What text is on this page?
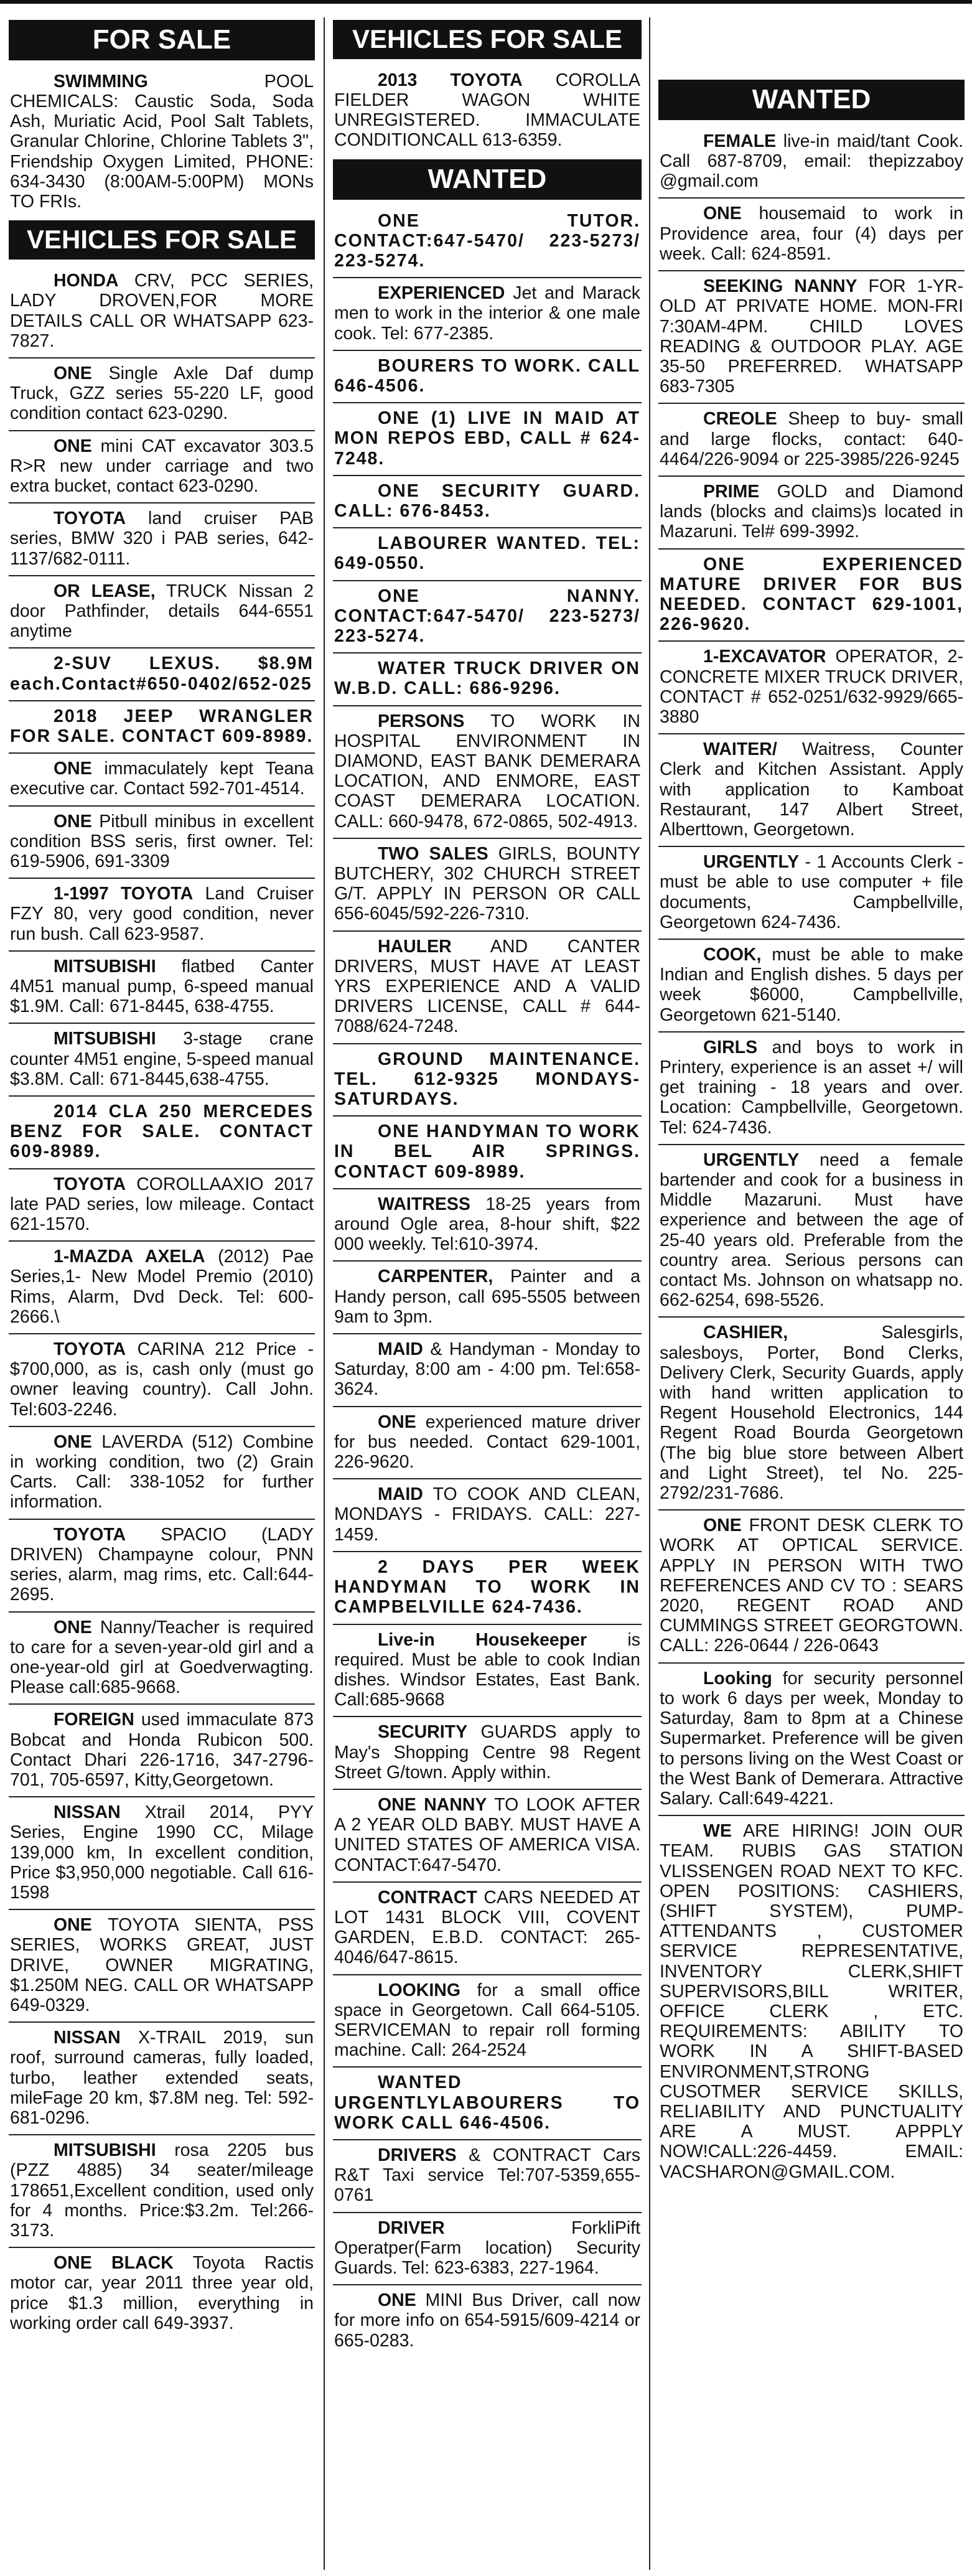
FOR SALE
SWIMMING	POOL CHEMICALS: Caustic Soda, Soda Ash, Muriatic Acid, Pool Salt Tablets, Granular Chlorine, Chlorine Tablets 3", Friendship Oxygen Limited, PHONE: 634-3430 (8:00AM-5:00PM) MONs TO FRIs.
VEHICLES FOR SALE
HONDA CRV, PCC SERIES, LADY DROVEN,FOR MORE DETAILS CALL OR WHATSAPP 623-7827.
ONE Single Axle Daf dump Truck, GZZ series 55-220 LF, good condition contact 623-0290.
ONE mini CAT excavator 303.5 R>R new under carriage and two extra bucket, contact 623-0290.
TOYOTA land cruiser PAB series, BMW 320 i PAB series, 642-1137/682-0111.
OR LEASE, TRUCK Nissan 2 door Pathfinder, details 644-6551 anytime
2-SUV LEXUS. $8.9M each.Contact#650-0402/652-025
2018 JEEP WRANGLER FOR SALE. CONTACT 609-8989.
ONE immaculately kept Teana executive car. Contact 592-701-4514.
ONE Pitbull minibus in excellent condition BSS seris, first owner. Tel: 619-5906, 691-3309
1-1997 TOYOTA Land Cruiser FZY 80, very good condition, never run bush. Call 623-9587.
MITSUBISHI flatbed Canter 4M51 manual pump, 6-speed manual $1.9M. Call: 671-8445, 638-4755.
MITSUBISHI 3-stage crane counter 4M51 engine, 5-speed manual $3.8M. Call: 671-8445,638-4755.
2014 CLA 250 MERCEDES BENZ FOR SALE. CONTACT 609-8989.
TOYOTA COROLLAAXIO 2017 late PAD series, low mileage. Contact 621-1570.
1-MAZDA AXELA (2012) Pae Series,1- New Model Premio (2010) Rims, Alarm, Dvd Deck. Tel: 600-2666.\
TOYOTA CARINA 212 Price - $700,000, as is, cash only (must go owner leaving country). Call John. Tel:603-2246.
ONE LAVERDA (512) Combine in working condition, two (2) Grain Carts. Call: 338-1052 for further information.
TOYOTA SPACIO (LADY DRIVEN) Champayne colour, PNN series, alarm, mag rims, etc. Call:644-2695.
ONE Nanny/Teacher is required to care for a seven-year-old girl and a one-year-old girl at Goedverwagting. Please call:685-9668.
FOREIGN used immaculate 873 Bobcat and Honda Rubicon 500. Contact Dhari 226-1716, 347-2796-701, 705-6597, Kitty,Georgetown.
NISSAN Xtrail 2014, PYY Series, Engine 1990 CC, Milage 139,000 km, In excellent condition, Price $3,950,000 negotiable. Call 616-1598
ONE TOYOTA SIENTA, PSS SERIES, WORKS GREAT, JUST DRIVE, OWNER MIGRATING, $1.250M NEG. CALL OR WHATSAPP 649-0329.
NISSAN X-TRAIL 2019, sun roof, surround cameras, fully loaded, turbo, leather extended seats, mileFage 20 km, $7.8M neg. Tel: 592-681-0296.
MITSUBISHI rosa 2205 bus (PZZ 4885) 34 seater/mileage 178651,Excellent condition, used only for 4 months. Price:$3.2m. Tel:266-3173.
ONE BLACK Toyota Ractis motor car, year 2011 three year old, price $1.3 million, everything in working order call 649-3937.
VEHICLES FOR SALE
2013 TOYOTA COROLLA FIELDER WAGON WHITE UNREGISTERED. IMMACULATE CONDITIONCALL 613-6359.
WANTED
ONE TUTOR. CONTACT:647-5470/ 223-5273/ 223-5274.
EXPERIENCED Jet and Marack men to work in the interior & one male cook. Tel: 677-2385.
BOURERS TO WORK. CALL 646-4506.
ONE (1) LIVE IN MAID AT MON REPOS EBD, CALL # 624-7248.
ONE SECURITY GUARD. CALL: 676-8453.
LABOURER WANTED. TEL: 649-0550.
ONE NANNY. CONTACT:647-5470/ 223-5273/ 223-5274.
WATER TRUCK DRIVER ON W.B.D. CALL: 686-9296.
PERSONS TO WORK IN HOSPITAL ENVIRONMENT IN DIAMOND, EAST BANK DEMERARA LOCATION, AND ENMORE, EAST COAST DEMERARA LOCATION. CALL: 660-9478, 672-0865, 502-4913.
TWO SALES GIRLS, BOUNTY BUTCHERY, 302 CHURCH STREET G/T. APPLY IN PERSON OR CALL 656-6045/592-226-7310.
HAULER AND CANTER DRIVERS, MUST HAVE AT LEAST YRS EXPERIENCE AND A VALID DRIVERS LICENSE, CALL # 644-7088/624-7248.
GROUND MAINTENANCE. TEL. 612-9325 MONDAYS-SATURDAYS.
ONE HANDYMAN TO WORK IN BEL AIR SPRINGS. CONTACT 609-8989.
WAITRESS 18-25 years from around Ogle area, 8-hour shift, $22 000 weekly. Tel:610-3974.
CARPENTER, Painter and a Handy person, call 695-5505 between 9am to 3pm.
MAID & Handyman - Monday to Saturday, 8:00 am - 4:00 pm. Tel:658-3624.
ONE experienced mature driver for bus needed. Contact 629-1001, 226-9620.
MAID TO COOK AND CLEAN, MONDAYS - FRIDAYS. CALL: 227-1459.
2 DAYS PER WEEK HANDYMAN TO WORK IN CAMPBELVILLE 624-7436.
Live-in Housekeeper is required. Must be able to cook Indian dishes. Windsor Estates, East Bank. Call:685-9668
SECURITY GUARDS apply to May's Shopping Centre 98 Regent Street G/town. Apply within.
ONE NANNY TO LOOK AFTER A 2 YEAR OLD BABY. MUST HAVE A UNITED STATES OF AMERICA VISA. CONTACT:647-5470.
CONTRACT CARS NEEDED AT LOT 1431 BLOCK VIII, COVENT GARDEN, E.B.D. CONTACT: 265-4046/647-8615.
LOOKING for a small office space in Georgetown. Call 664-5105. SERVICEMAN to repair roll forming machine. Call: 264-2524
WANTED URGENTLYLABOURERS TO WORK CALL 646-4506.
DRIVERS & CONTRACT Cars R&T Taxi service Tel:707-5359,655-0761
DRIVER	ForkliPift Operatper(Farm location) Security Guards. Tel: 623-6383, 227-1964.
ONE MINI Bus Driver, call now for more info on 654-5915/609-4214 or 665-0283.
WANTED
FEMALE live-in maid/tant Cook. Call 687-8709, email: thepizzaboy @gmail.com
ONE housemaid to work in Providence area, four (4) days per week. Call: 624-8591.
SEEKING NANNY FOR 1-YR-OLD AT PRIVATE HOME. MON-FRI 7:30AM-4PM. CHILD LOVES READING & OUTDOOR PLAY. AGE 35-50 PREFERRED. WHATSAPP 683-7305
CREOLE Sheep to buy- small and large flocks, contact: 640-4464/226-9094 or 225-3985/226-9245
PRIME GOLD and Diamond lands (blocks and claims)s located in Mazaruni. Tel# 699-3992.
ONE EXPERIENCED MATURE DRIVER FOR BUS NEEDED. CONTACT 629-1001, 226-9620.
1-EXCAVATOR OPERATOR, 2- CONCRETE MIXER TRUCK DRIVER, CONTACT # 652-0251/632-9929/665-3880
WAITER/ Waitress, Counter Clerk and Kitchen Assistant. Apply with application to Kamboat Restaurant, 147 Albert Street, Alberttown, Georgetown.
URGENTLY - 1 Accounts Clerk - must be able to use computer + file documents, Campbellville, Georgetown 624-7436.
COOK, must be able to make Indian and English dishes. 5 days per week $6000, Campbellville, Georgetown 621-5140.
GIRLS and boys to work in Printery, experience is an asset +/ will get training - 18 years and over. Location: Campbellville, Georgetown. Tel: 624-7436.
URGENTLY need a female bartender and cook for a business in Middle Mazaruni. Must have experience and between the age of 25-40 years old. Preferable from the country area. Serious persons can contact Ms. Johnson on whatsapp no. 662-6254, 698-5526.
CASHIER,	Salesgirls, salesboys, Porter, Bond Clerks, Delivery Clerk, Security Guards, apply with hand written application to Regent Household Electronics, 144 Regent Road Bourda Georgetown (The big blue store between Albert and Light Street), tel No. 225-2792/231-7686.
ONE FRONT DESK CLERK TO WORK AT OPTICAL SERVICE. APPLY IN PERSON WITH TWO REFERENCES AND CV TO : SEARS 2020, REGENT ROAD AND CUMMINGS STREET GEORGTOWN. CALL: 226-0644 / 226-0643
Looking for security personnel to work 6 days per week, Monday to Saturday, 8am to 8pm at a Chinese Supermarket. Preference will be given to persons living on the West Coast or the West Bank of Demerara. Attractive Salary. Call:649-4221.
WE ARE HIRING! JOIN OUR TEAM. RUBIS GAS STATION VLISSENGEN ROAD NEXT TO KFC. OPEN POSITIONS: CASHIERS, (SHIFT SYSTEM), PUMP-ATTENDANTS , CUSTOMER SERVICE REPRESENTATIVE, INVENTORY CLERK,SHIFT SUPERVISORS,BILL WRITER, OFFICE CLERK , ETC. REQUIREMENTS: ABILITY TO WORK IN A SHIFT-BASED ENVIRONMENT,STRONG CUSOTMER SERVICE SKILLS, RELIABILITY AND PUNCTUALITY ARE A MUST. APPPLY NOW!CALL:226-4459. EMAIL: VACSHARON@GMAIL.COM.
